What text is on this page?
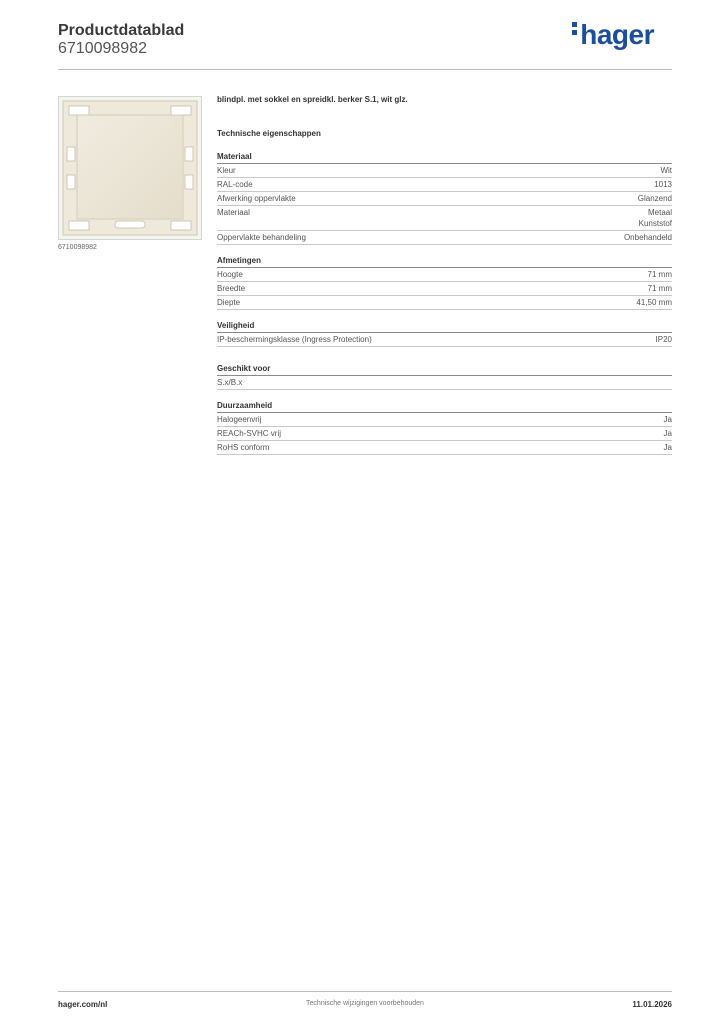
Productdatablad
6710098982	hager
6710098982
blindpl. met sokkel en spreidkl. berker S.1, wit glz.
Technische eigenschappen
Materiaal
Kleur	Wit
RAL-code	1013
Afwerking oppervlakte	Glanzend
Materiaal	Metaal
Kunststof
Oppervlakte behandeling	Onbehandeld
Afmetingen
Hoogte	71 mm
Breedte	71 mm
Diepte	41,50 mm
Veiligheid
IP-beschermingsklasse (Ingress Protection)	IP20
Geschikt voor
S.x/B.x
Duurzaamheid
Halogeenvrij	Ja
REACh-SVHC vrij	Ja
RoHS conform	Ja
hager.com/nl	Technische wijzigingen voorbehouden	11.01.2026
